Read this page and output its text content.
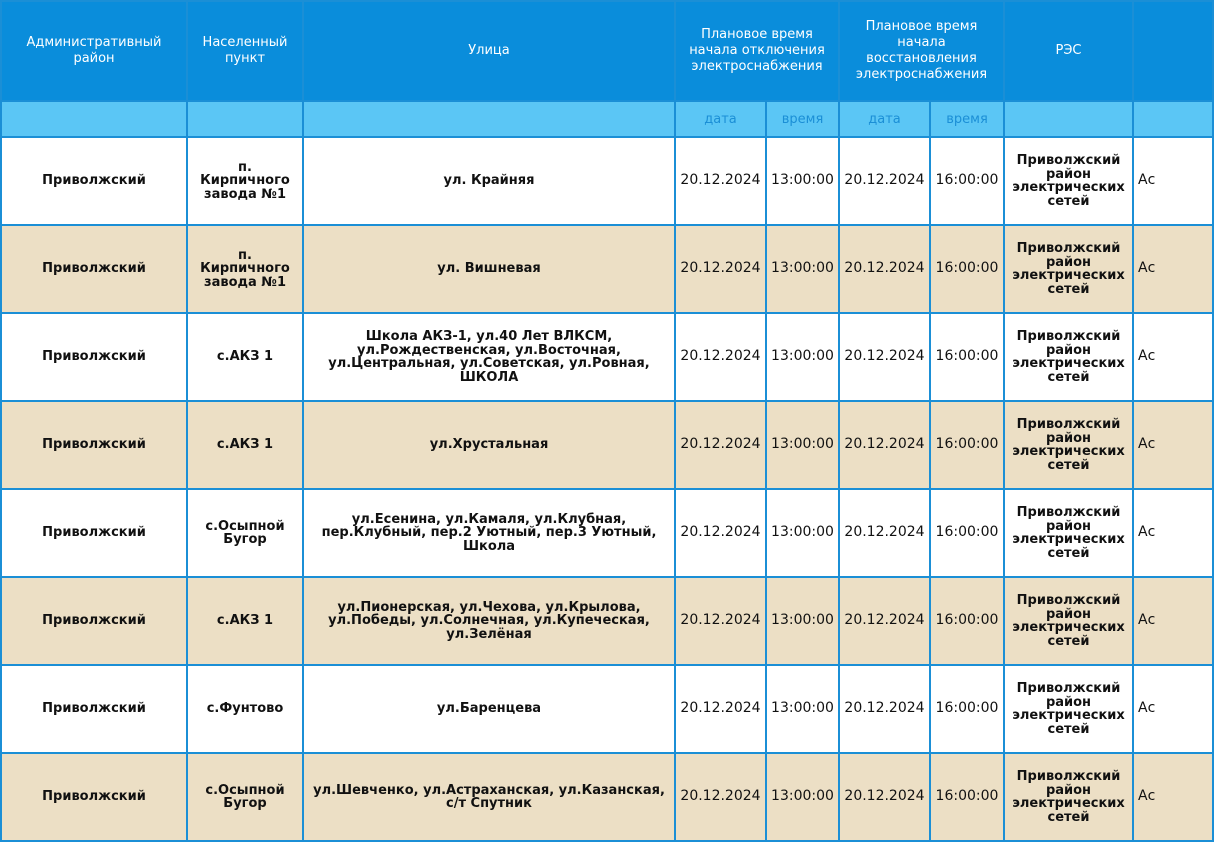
Административный район	Населенный пункт	Улица	Плановое время начала отключения электроснабжения		Плановое время начала восстановления электроснабжения		РЭС	
			дата	время	дата	время		
Приволжский	п. Кирпичного завода №1	ул. Крайняя	20.12.2024	13:00:00	20.12.2024	16:00:00	Приволжский район электрических сетей	Ас
Приволжский	п. Кирпичного завода №1	ул. Вишневая	20.12.2024	13:00:00	20.12.2024	16:00:00	Приволжский район электрических сетей	Ас
Приволжский	с.АКЗ 1	Школа АКЗ-1, ул.40 Лет ВЛКСМ, ул.Рождественская, ул.Восточная, ул.Центральная, ул.Советская, ул.Ровная, ШКОЛА	20.12.2024	13:00:00	20.12.2024	16:00:00	Приволжский район электрических сетей	Ас
Приволжский	с.АКЗ 1	ул.Хрустальная	20.12.2024	13:00:00	20.12.2024	16:00:00	Приволжский район электрических сетей	Ас
Приволжский	с.Осыпной Бугор	ул.Есенина, ул.Камаля, ул.Клубная, пер.Клубный, пер.2 Уютный, пер.3 Уютный, Школа	20.12.2024	13:00:00	20.12.2024	16:00:00	Приволжский район электрических сетей	Ас
Приволжский	с.АКЗ 1	ул.Пионерская, ул.Чехова, ул.Крылова, ул.Победы, ул.Солнечная, ул.Купеческая, ул.Зелёная	20.12.2024	13:00:00	20.12.2024	16:00:00	Приволжский район электрических сетей	Ас
Приволжский	с.Фунтово	ул.Баренцева	20.12.2024	13:00:00	20.12.2024	16:00:00	Приволжский район электрических сетей	Ас
Приволжский	с.Осыпной Бугор	ул.Шевченко, ул.Астраханская, ул.Казанская, с/т Спутник	20.12.2024	13:00:00	20.12.2024	16:00:00	Приволжский район электрических сетей	Ас
